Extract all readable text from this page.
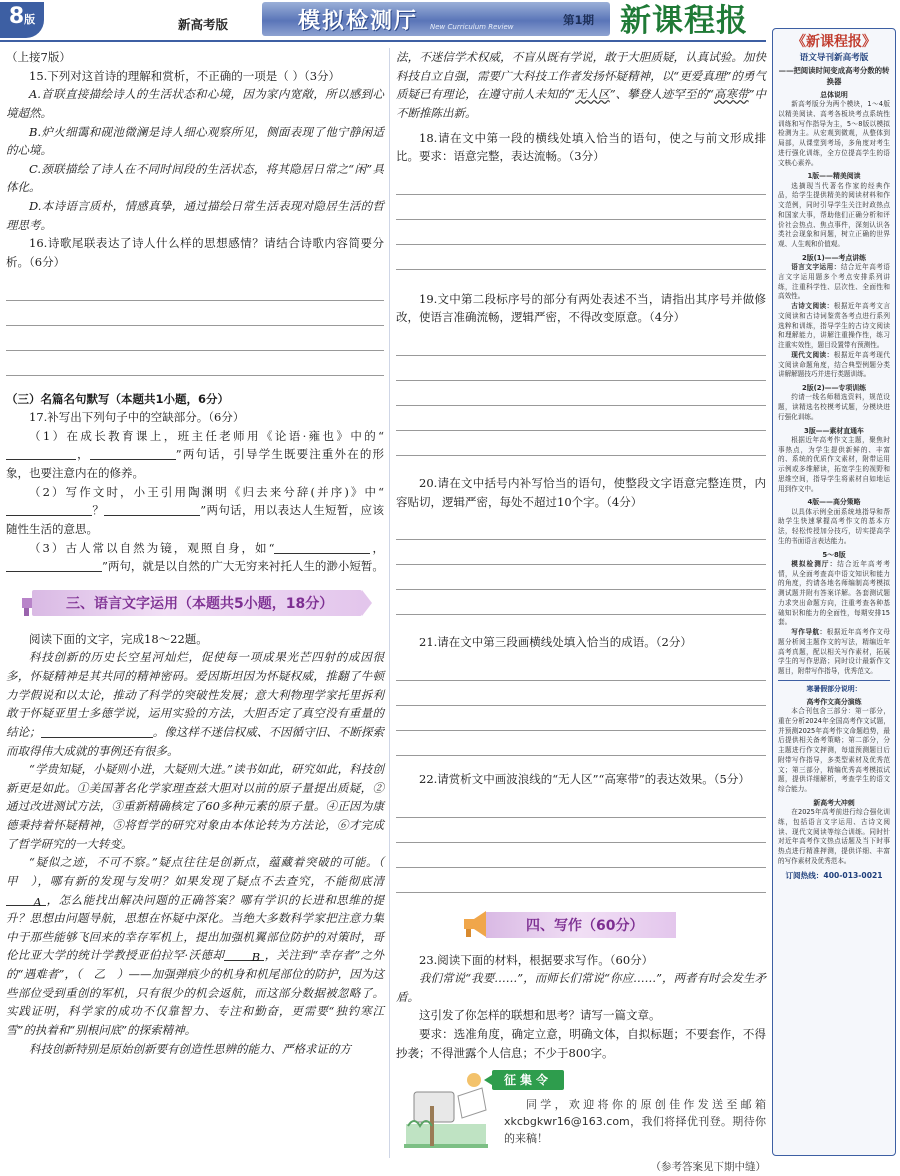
8版	新高考版	模拟检测厅 New Curriculum Review	第1期 新课程报

（上接7版）

15.下列对这首诗的理解和赏析，不正确的一项是（ ）（3分）

A.首联直接描绘诗人的生活状态和心境，因为家内宽敞，所以感到心境超然。

B.炉火细霭和砚池微澜是诗人细心观察所见，侧面表现了他宁静闲适的心境。

C.颈联描绘了诗人在不同时间段的生活状态，将其隐居日常之“闲”具体化。

D.本诗语言质朴，情感真挚，通过描绘日常生活表现对隐居生活的哲理思考。

16.诗歌尾联表达了诗人什么样的思想感情？请结合诗歌内容简要分析。（6分）

（三）名篇名句默写（本题共1小题，6分）

17.补写出下列句子中的空缺部分。（6分）

（1）在成长教育课上，班主任老师用《论语·雍也》中的“，	”两句话，引导学生既要注重外在的形象，也要注意内在的修养。

（2）写作文时，小王引用陶渊明《归去来兮辞(并序)》中“？	”两句话，用以表达人生短暂，应该随性生活的意思。

（3）古人常以自然为镜，观照自身，如“	，”两句，就是以自然的广大无穷来衬托人生的渺小短暂。

三、语言文字运用（本题共5小题，18分）

阅读下面的文字，完成18～22题。

科技创新的历史长空星河灿烂，促使每一项成果光芒四射的成因很多，怀疑精神是其共同的精神密码。爱因斯坦因为怀疑权威，推翻了牛顿力学假说和以太论，推动了科学的突破性发展；意大利物理学家托里拆利敢于怀疑亚里士多德学说，运用实验的方法，大胆否定了真空没有重量的结论；	。像这样不迷信权威、不因循守旧、不断探索而取得伟大成就的事例还有很多。

“学贵知疑，小疑则小进，大疑则大进。”读书如此，研究如此，科技创新更是如此。①美国著名化学家理查兹大胆对以前的原子量提出质疑，②通过改进测试方法，③重新精确核定了60多种元素的原子量。④正因为康德秉持着怀疑精神，⑤将哲学的研究对象由本体论转为方法论，⑥才完成了哲学研究的一大转变。

“疑似之迹，不可不察。”疑点往往是创新点，蕴藏着突破的可能。（　甲　），哪有新的发现与发明？如果发现了疑点不去查究，不能彻底清A ，怎么能找出解决问题的正确答案？哪有学识的长进和思维的提升？思想由问题导航，思想在怀疑中深化。当绝大多数科学家把注意力集中于那些能够飞回来的幸存军机上，提出加强机翼部位防护的对策时，哥伦比亚大学的统计学教授亚伯拉罕·沃德却 B ，关注到“幸存者”之外的“遇难者”，（　乙　）——加强弹痕少的机身和机尾部位的防护，因为这些部位受到重创的军机，只有很少的机会返航，而这部分数据被忽略了。实践证明，科学家的成功不仅靠智力、专注和勤奋，更需要“独钓寒江雪”的执着和“别根问底”的探索精神。

科技创新特别是原始创新要有创造性思辨的能力、严格求证的方

法，不迷信学术权威，不盲从既有学说，敢于大胆质疑，认真试验。加快科技自立自强，需要广大科技工作者发扬怀疑精神，以“更爱真理”的勇气质疑已有理论，在遵守前人未知的“无人区”、攀登人迹罕至的“高寒带”中不断推陈出新。

18.请在文中第一段的横线处填入恰当的语句，使之与前文形成排比。要求：语意完整，表达流畅。（3分）

19.文中第二段标序号的部分有两处表述不当，请指出其序号并做修改，使语言准确流畅，逻辑严密，不得改变原意。（4分）

20.请在文中括号内补写恰当的语句，使整段文字语意完整连贯，内容贴切，逻辑严密，每处不超过10个字。（4分）

21.请在文中第三段画横线处填入恰当的成语。（2分）

22.请赏析文中画波浪线的“无人区”“高寒带”的表达效果。（5分）

四、写作（60分）

23.阅读下面的材料，根据要求写作。（60分）

我们常说“我要……”，而师长们常说“你应……”，两者有时会发生矛盾。

这引发了你怎样的联想和思考？请写一篇文章。

要求：选准角度，确定立意，明确文体，自拟标题；不要套作，不得抄袭；不得泄露个人信息；不少于800字。

征集令

同学，欢迎将你的原创佳作发送至邮箱xkcbgkwr16@163.com，我们将择优刊登。期待你的来稿！

（参考答案见下期中缝）
《新课程报》
语文导刊新高考版
——把阅读时间变成高考分数的转换器
总体说明

新高考版分为两个模块，1～4版以精美阅读、高考各板块考点系统性训练和写作指导为主，5～8版以模拟检测为主。从宏观到微观，从整体到局部，从课堂到考场，多角度对考生进行强化训练，全方位提高学生的语文核心素养。

1版——精美阅读

选摘现当代著名作家的经典作品，给学生提供精美的阅读材料和作文范例，同时引导学生关注时政热点和国家大事，帮助他们正确分析和评价社会热点、焦点事件，深刻认识各类社会现象和问题，树立正确的世界观、人生观和价值观。

2版(1)——考点讲练

语言文字运用：结合近年高考语言文字运用题多个考点安排系列讲练，注重科学性、层次性、全面性和高效性。

古诗文阅读：根据近年高考文言文阅读和古诗词鉴赏各考点进行系列选粹和训练，指导学生的古诗文阅读和理解能力，讲解注重操作性，练习注重实效性，题目设置带有预测性。

现代文阅读：根据近年高考现代文阅读命题角度，结合典型例题分类讲解解题技巧并进行类题训练。

2版(2)——专项训练

约请一线名师精选资料，规范设题，读精选名校模考试题，分模块进行强化训练。

3版——素材直通车

根据近年高考作文主题，聚焦时事热点，为学生提供新鲜的、丰富的、系统的优质作文素材，附带运用示例或多维解读，拓宽学生的视野和思维空间，指导学生将素材自如地运用到作文中。

4版——高分策略

以具体示例全面系统地指导和帮助学生快速掌握高考作文的基本方法，轻松传授加分技巧，切实提高学生的书面语言表达能力。

5～8版

模拟检测厅：结合近年高考考情，从全面考查高中语文知识和能力的角度，约请各地名师编制高考模拟测试题并附有答案详解。各套测试题力求突出命题方向，注重考查各种基础知识和能力的全面性，每期安排15套。

写作导航：根据近年高考作文母题分析阅主题作文的写法，精编近年高考真题，配以相关写作素材，拓展学生的写作思路；同时设计最新作文题目，附带写作指导，优秀范文。

寒暑假部分说明：
高考作文高分演练

本合刊包含三部分：第一部分，重在分析2024年全国高考作文试题，并预测2025年高考作文命题趋势，最后提供相关备考策略；第二部分，分主题进行作文押测，每道预测题目后附带写作指导，多类型素材及优秀范文；第三部分，精编优秀高考模拟试题，提供详细解析，考查学生的语文综合能力。

新高考大冲刺

在2025年高考前进行综合强化训练，包括语言文字运用、古诗文阅读、现代文阅读等综合训练。同时针对近年高考作文热点话题及当下时事热点进行精准押测，提供详细、丰富的写作素材及优秀范本。

订阅热线：400-013-0021
